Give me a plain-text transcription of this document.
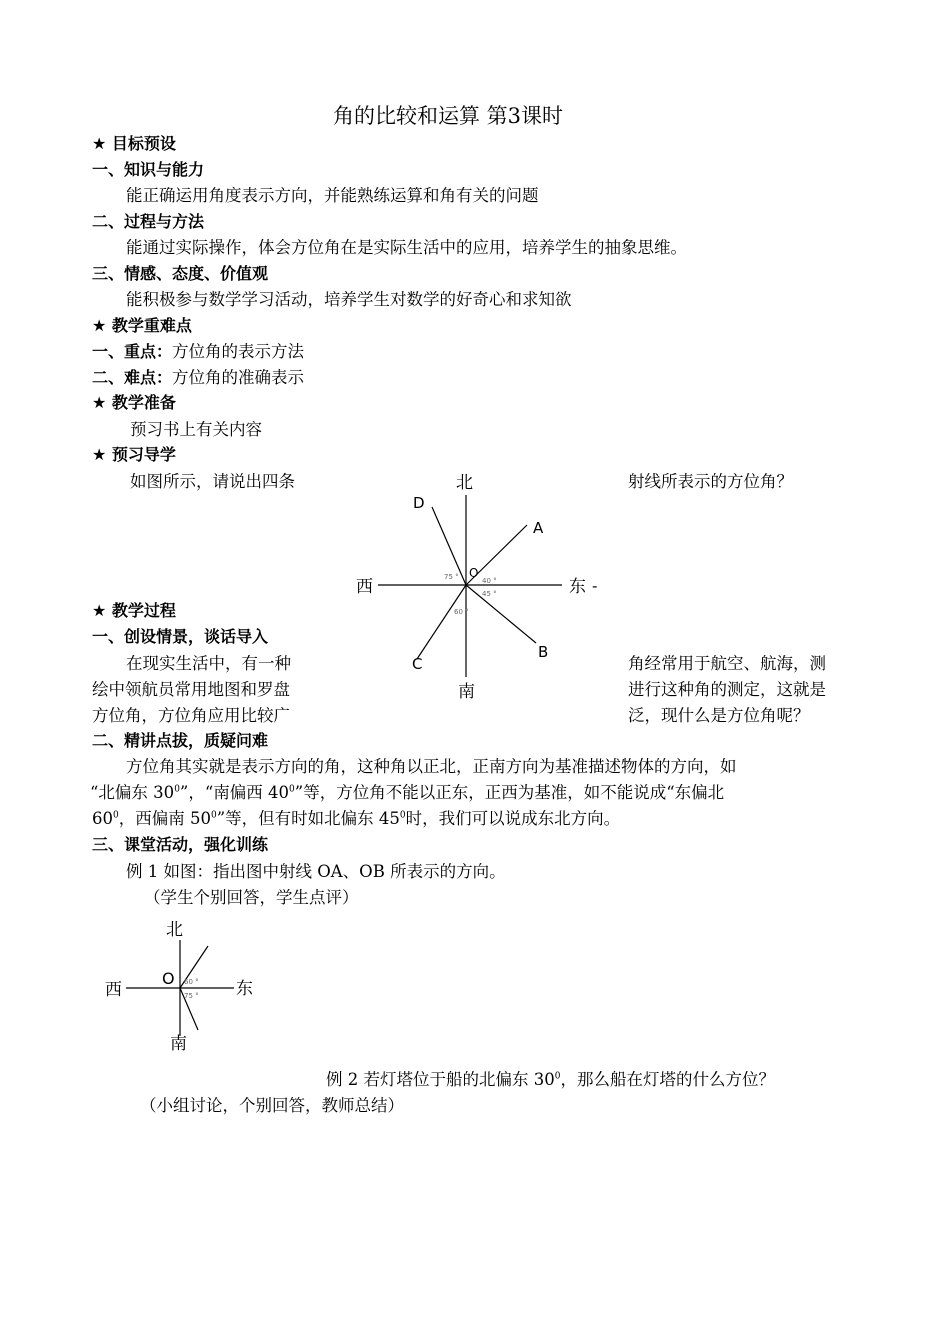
角的比较和运算 第3课时
★ 目标预设
一、知识与能力
能正确运用角度表示方向，并能熟练运算和角有关的问题
二、过程与方法
能通过实际操作，体会方位角在是实际生活中的应用，培养学生的抽象思维。
三、情感、态度、价值观
能积极参与数学学习活动，培养学生对数学的好奇心和求知欲
★ 教学重难点
一、重点：方位角的表示方法
二、难点：方位角的准确表示
★ 教学准备
预习书上有关内容
★ 预习导学
如图所示，请说出四条	射线所表示的方位角？
北
南
西	东 -
O
A
B
C
D
75 °	40 °
45 °
60 °
★ 教学过程
一、创设情景，谈话导入
在现实生活中，有一种	角经常用于航空、航海，测
绘中领航员常用地图和罗盘	进行这种角的测定，这就是
方位角，方位角应用比较广	泛，现什么是方位角呢？
二、精讲点拔，质疑问难
方位角其实就是表示方向的角，这种角以正北，正南方向为基准描述物体的方向，如
“北偏东 $30^0$”，“南偏西 $40^0$”等，方位角不能以正东，正西为基准，如不能说成“东偏北
$60^0$，西偏南 $50^0$”等，但有时如北偏东 $45^0$时，我们可以说成东北方向。
三、课堂活动，强化训练
例 1 如图：指出图中射线 OA、OB 所表示的方向。
（学生个别回答，学生点评）
北
南
西	东
O 60 °
75 °
例 2 若灯塔位于船的北偏东 $30^0$，那么船在灯塔的什么方位？
（小组讨论，个别回答，教师总结）
